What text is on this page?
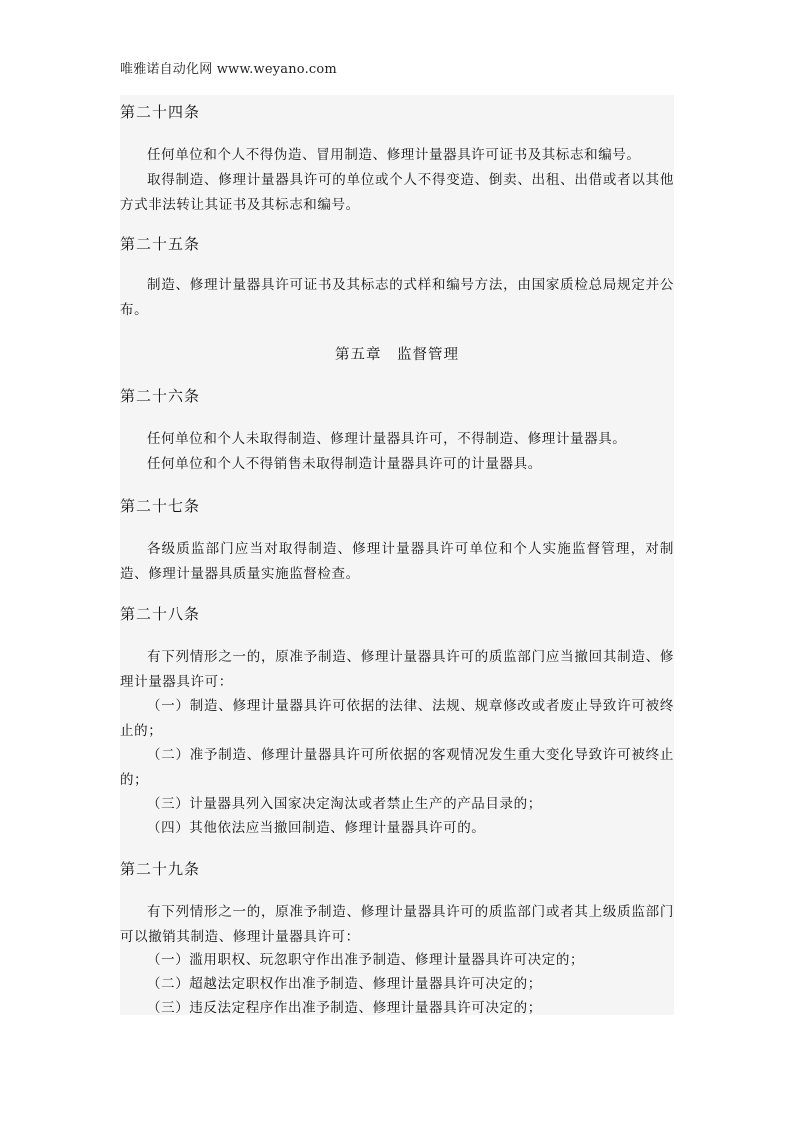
唯雅诺自动化网 www.weyano.com
第二十四条

任何单位和个人不得伪造、冒用制造、修理计量器具许可证书及其标志和编号。

取得制造、修理计量器具许可的单位或个人不得变造、倒卖、出租、出借或者以其他方式非法转让其证书及其标志和编号。

第二十五条

制造、修理计量器具许可证书及其标志的式样和编号方法，由国家质检总局规定并公布。

第五章　监督管理
第二十六条

任何单位和个人未取得制造、修理计量器具许可，不得制造、修理计量器具。

任何单位和个人不得销售未取得制造计量器具许可的计量器具。

第二十七条

各级质监部门应当对取得制造、修理计量器具许可单位和个人实施监督管理，对制造、修理计量器具质量实施监督检查。

第二十八条

有下列情形之一的，原准予制造、修理计量器具许可的质监部门应当撤回其制造、修理计量器具许可：

（一）制造、修理计量器具许可依据的法律、法规、规章修改或者废止导致许可被终止的；

（二）准予制造、修理计量器具许可所依据的客观情况发生重大变化导致许可被终止的；

（三）计量器具列入国家决定淘汰或者禁止生产的产品目录的；

（四）其他依法应当撤回制造、修理计量器具许可的。

第二十九条

有下列情形之一的，原准予制造、修理计量器具许可的质监部门或者其上级质监部门可以撤销其制造、修理计量器具许可：

（一）滥用职权、玩忽职守作出准予制造、修理计量器具许可决定的；

（二）超越法定职权作出准予制造、修理计量器具许可决定的；

（三）违反法定程序作出准予制造、修理计量器具许可决定的；
